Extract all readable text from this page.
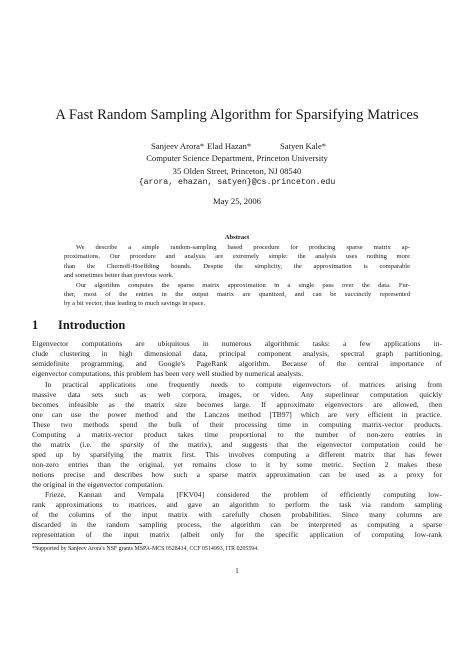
A Fast Random Sampling Algorithm for Sparsifying Matrices
Sanjeev Arora* Elad Hazan*	Satyen Kale*
Computer Science Department, Princeton University
35 Olden Street, Princeton, NJ 08540
{arora, ehazan, satyen}@cs.princeton.edu
May 25, 2006
Abstract
We describe a simple random-sampling based procedure for producing sparse matrix ap-
proximations. Our procedure and analysis are extremely simple: the analysis uses nothing more
than the Chernoff-Hoeffding bounds. Despite the simplicity, the approximation is comparable
and sometimes better than previous work.
Our algorithm computes the sparse matrix approximation in a single pass over the data. Fur-
ther, most of the entries in the output matrix are quantized, and can be succinctly represented
by a bit vector, thus leading to much savings in space.
1 Introduction
Eigenvector computations are ubiquitous in numerous algorithmic tasks: a few applications in-
clude clustering in high dimensional data, principal component analysis, spectral graph partitioning,
semidefinite programming, and Google's PageRank algorithm. Because of the central importance of
eigenvector computations, this problem has been very well studied by numerical analysts.
In practical applications one frequently needs to compute eigenvectors of matrices arising from
massive data sets such as web corpora, images, or video. Any superlinear computation quickly
becomes infeasible as the matrix size becomes large. If approximate eigenvectors are allowed, then
one can use the power method and the Lanczos method [TB97] which are very efficient in practice.
These two methods spend the bulk of their processing time in computing matrix-vector products.
Computing a matrix-vector product takes time proportional to the number of non-zero entries in
the matrix (i.e. the sparsity of the matrix), and suggests that the eigenvector computation could be
sped up by sparsifying the matrix first. This involves computing a different matrix that has fewer
non-zero entries than the original, yet remains close to it by some metric. Section 2 makes these
notions precise and describes how such a sparse matrix approximation can be used as a proxy for
the original in the eigenvector computation.
Frieze, Kannan and Vempala [FKV04] considered the problem of efficiently computing low-
rank approximations to matrices, and gave an algorithm to perform the task via random sampling
of the columns of the input matrix with carefully chosen probabilities. Since many columns are
discarded in the random sampling process, the algorithm can be interpreted as computing a sparse
representation of the input matrix (albeit only for the specific application of computing low-rank
*Supported by Sanjeev Arora's NSF grants MSPA-MCS 0528414, CCF 0514993, ITR 0205594.
1
